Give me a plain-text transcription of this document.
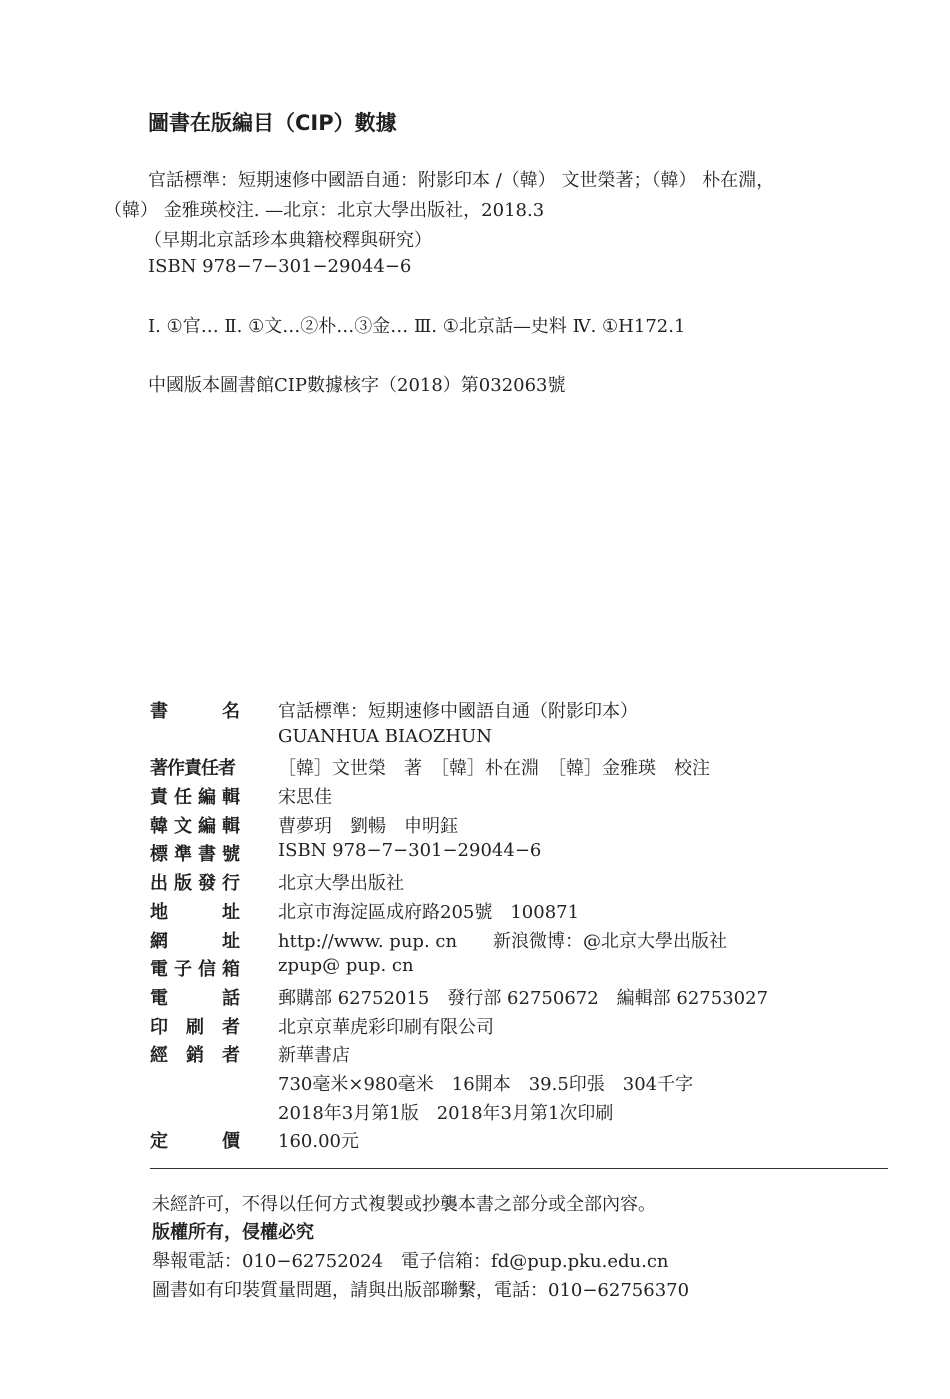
圖書在版編目（CIP）數據
官話標準：短期速修中國語自通：附影印本 /（韓） 文世榮著；（韓） 朴在淵，
（韓） 金雅瑛校注. —北京：北京大學出版社，2018.3
（早期北京話珍本典籍校釋與研究）
ISBN 978−7−301−29044−6
Ⅰ. ①官… Ⅱ. ①文…②朴…③金… Ⅲ. ①北京話—史料 Ⅳ. ①H172.1
中國版本圖書館CIP數據核字（2018）第032063號
書	名 官話標準：短期速修中國語自通（附影印本）
GUANHUA BIAOZHUN
著作責任者 ［韓］文世榮　著　［韓］朴在淵　［韓］金雅瑛　校注
責 任 編 輯 宋思佳
韓 文 編 輯 曹夢玥　劉暢　申明鈺
標 準 書 號 ISBN 978−7−301−29044−6
出 版 發 行 北京大學出版社
地	址 北京市海淀區成府路205號　100871
網	址 http://www. pup. cn　　新浪微博：@北京大學出版社
電 子 信 箱 zpup@ pup. cn
電	話 郵購部 62752015　發行部 62750672　編輯部 62753027
印 刷 者 北京京華虎彩印刷有限公司
經 銷 者 新華書店
730毫米×980毫米　16開本　39.5印張　304千字
2018年3月第1版　2018年3月第1次印刷
定	價 160.00元
未經許可，不得以任何方式複製或抄襲本書之部分或全部內容。
版權所有，侵權必究
舉報電話：010−62752024　電子信箱：fd@pup.pku.edu.cn
圖書如有印裝質量問題，請與出版部聯繫，電話：010−62756370
